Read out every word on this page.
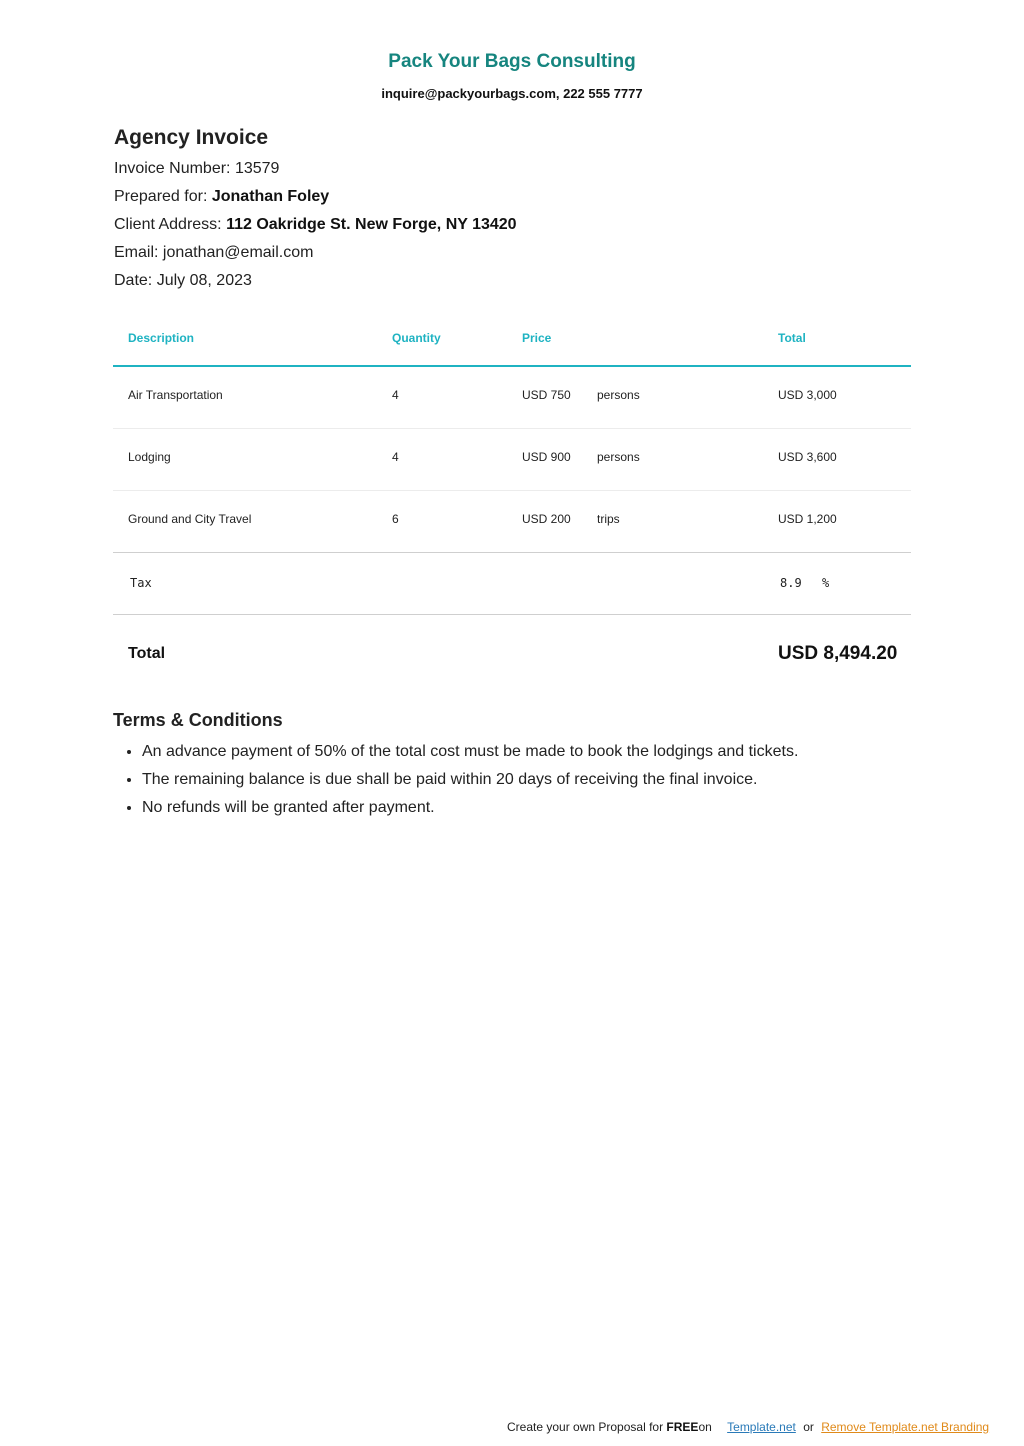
Pack Your Bags Consulting
inquire@packyourbags.com, 222 555 7777
Agency Invoice
Invoice Number: 13579
Prepared for: Jonathan Foley
Client Address: 112 Oakridge St. New Forge, NY 13420
Email: jonathan@email.com
Date: July 08, 2023
Description	Quantity	Price	Total
Air Transportation	4	USD 750 persons	USD 3,000
Lodging	4	USD 900 persons	USD 3,600
Ground and City Travel	6	USD 200 trips	USD 1,200
Tax	8.9 %
Total	USD 8,494.20
Terms & Conditions
• An advance payment of 50% of the total cost must be made to book the lodgings and tickets.
• The remaining balance is due shall be paid within 20 days of receiving the final invoice.
• No refunds will be granted after payment.
Create your own Proposal for FREEon Template.net or Remove Template.net Branding
